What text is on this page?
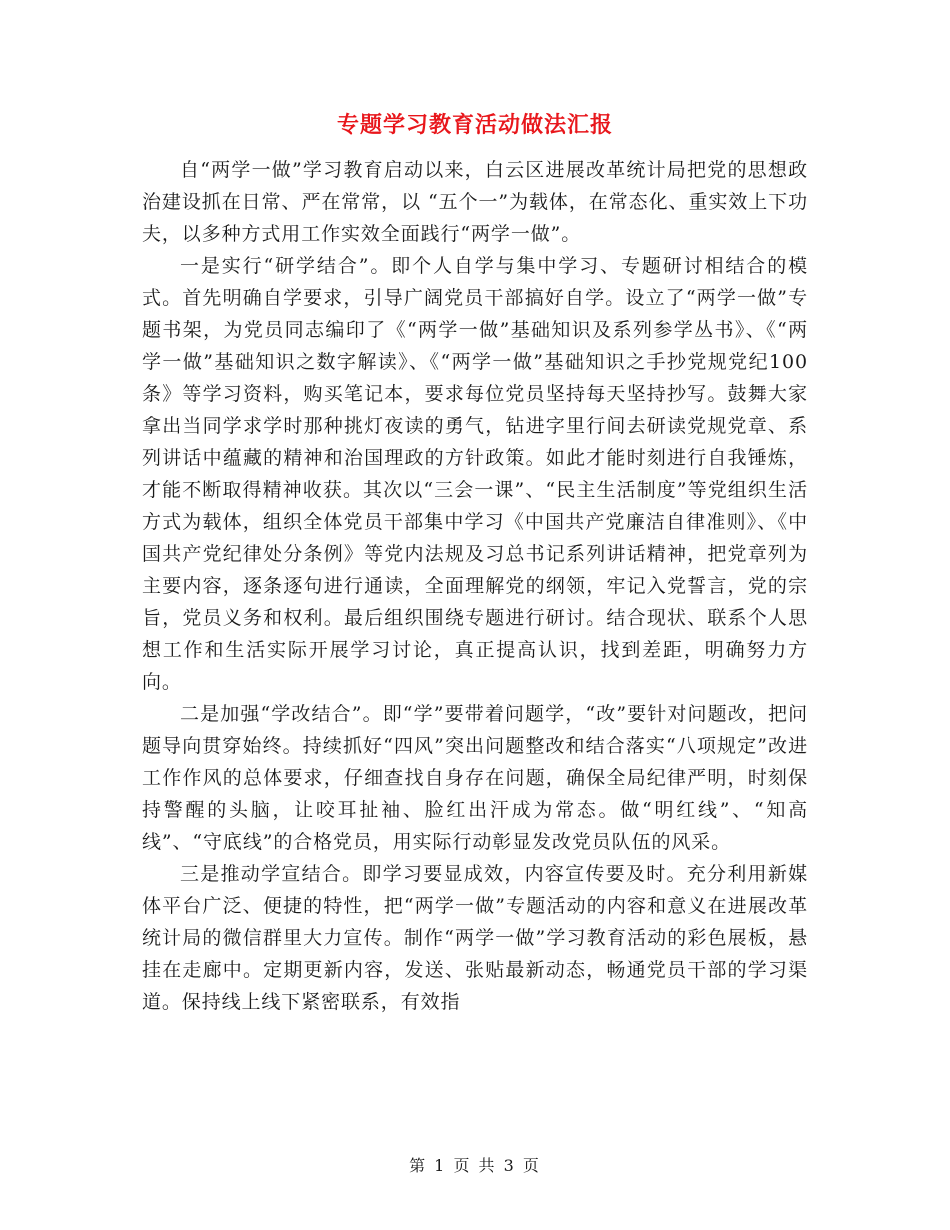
专题学习教育活动做法汇报

自“两学一做”学习教育启动以来，白云区进展改革统计局把党的思想政治建设抓在日常、严在常常，以 “五个一”为载体，在常态化、重实效上下功夫，以多种方式用工作实效全面践行“两学一做”。

一是实行“研学结合”。即个人自学与集中学习、专题研讨相结合的模式。首先明确自学要求，引导广阔党员干部搞好自学。设立了“两学一做”专题书架，为党员同志编印了《“两学一做”基础知识及系列参学丛书》、《“两学一做”基础知识之数字解读》、《“两学一做”基础知识之手抄党规党纪100条》等学习资料，购买笔记本，要求每位党员坚持每天坚持抄写。鼓舞大家拿出当同学求学时那种挑灯夜读的勇气，钻进字里行间去研读党规党章、系列讲话中蕴藏的精神和治国理政的方针政策。如此才能时刻进行自我锤炼，才能不断取得精神收获。其次以“三会一课”、“民主生活制度”等党组织生活方式为载体，组织全体党员干部集中学习《中国共产党廉洁自律准则》、《中国共产党纪律处分条例》等党内法规及习总书记系列讲话精神，把党章列为主要内容，逐条逐句进行通读，全面理解党的纲领，牢记入党誓言，党的宗旨，党员义务和权利。最后组织围绕专题进行研讨。结合现状、联系个人思想工作和生活实际开展学习讨论，真正提高认识，找到差距，明确努力方向。

二是加强“学改结合”。即“学”要带着问题学，“改”要针对问题改，把问题导向贯穿始终。持续抓好“四风”突出问题整改和结合落实“八项规定”改进工作作风的总体要求，仔细查找自身存在问题，确保全局纪律严明，时刻保持警醒的头脑，让咬耳扯袖、脸红出汗成为常态。做“明红线”、“知高线”、“守底线”的合格党员，用实际行动彰显发改党员队伍的风采。

三是推动学宣结合。即学习要显成效，内容宣传要及时。充分利用新媒体平台广泛、便捷的特性，把“两学一做”专题活动的内容和意义在进展改革统计局的微信群里大力宣传。制作“两学一做”学习教育活动的彩色展板，悬挂在走廊中。定期更新内容，发送、张贴最新动态，畅通党员干部的学习渠道。保持线上线下紧密联系，有效指

第 1 页 共 3 页
